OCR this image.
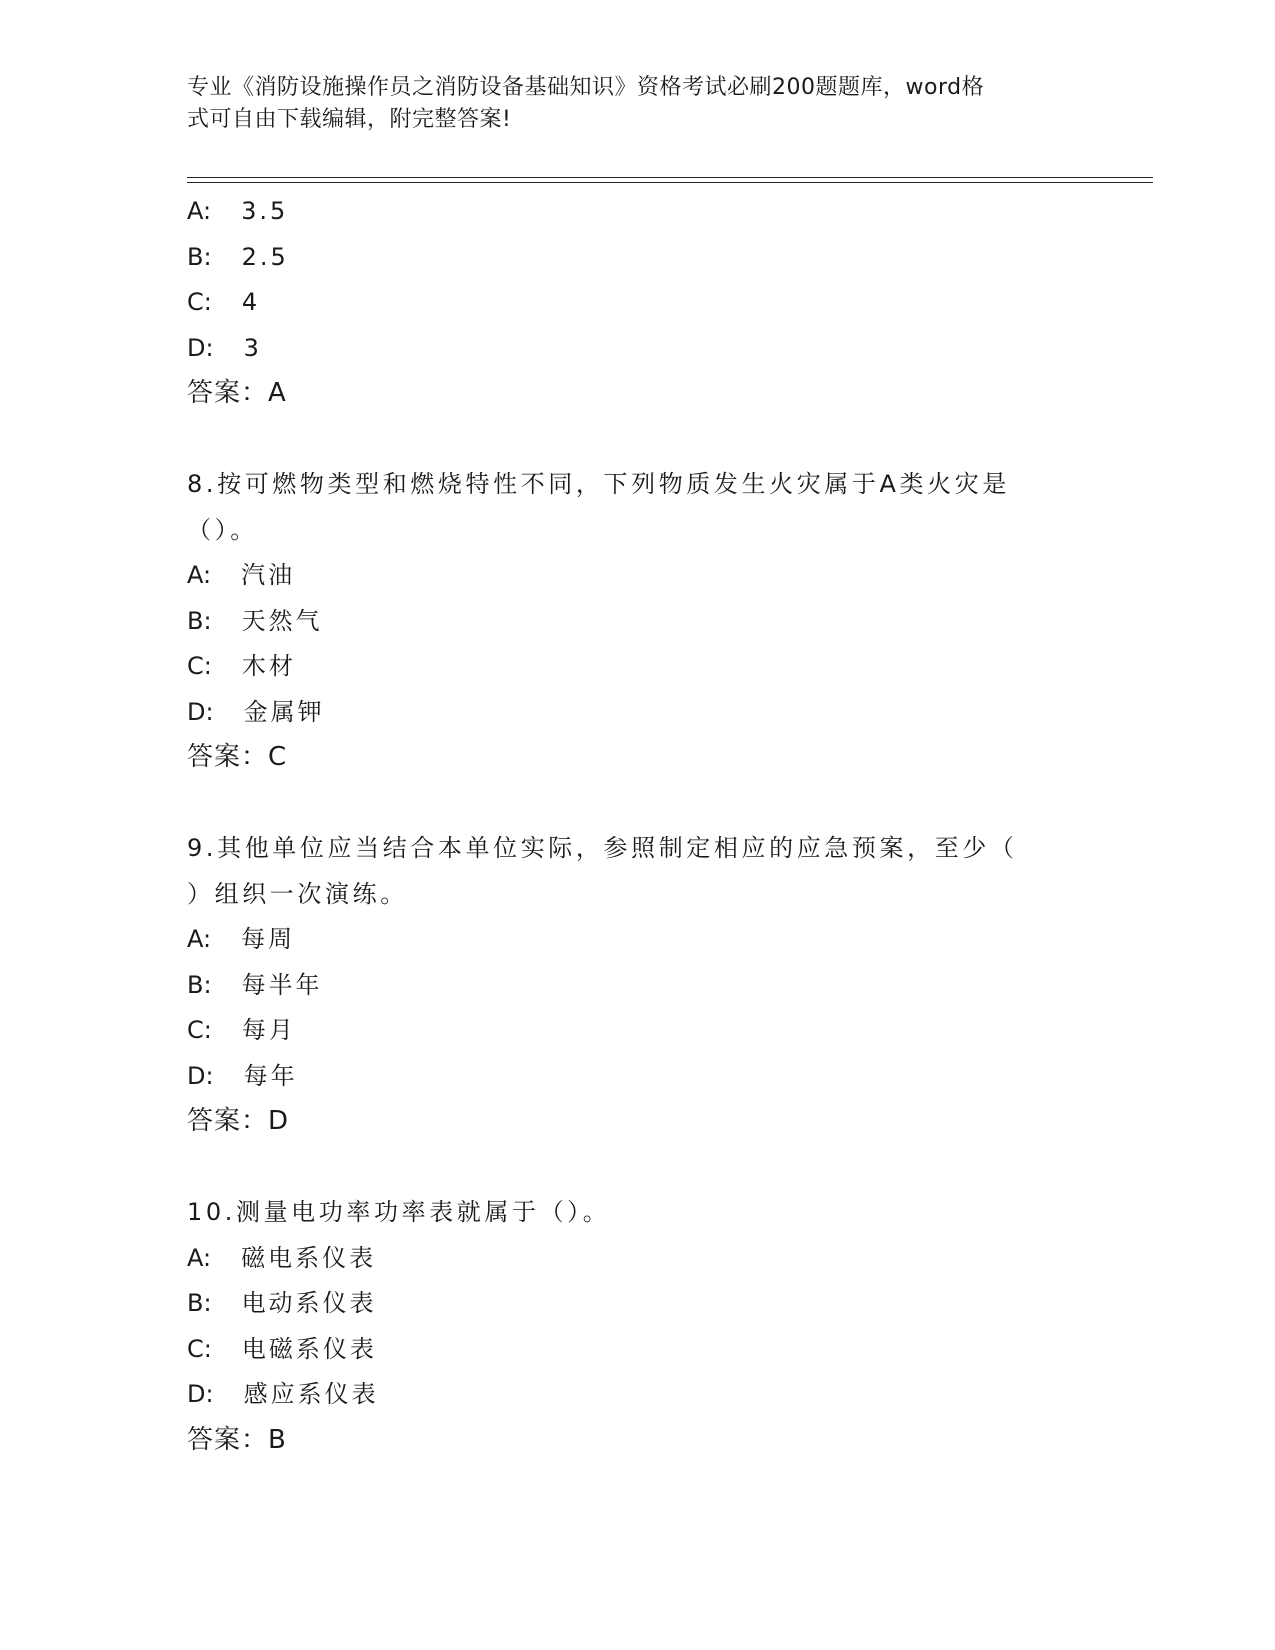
专业《消防设施操作员之消防设备基础知识》资格考试必刷200题题库，word格
式可自由下载编辑，附完整答案!
A: 3.5
B: 2.5
C: 4
D: 3
答案：A
8.按可燃物类型和燃烧特性不同，下列物质发生火灾属于A类火灾是
（）。
A: 汽油
B: 天然气
C: 木材
D: 金属钾
答案：C
9.其他单位应当结合本单位实际，参照制定相应的应急预案，至少（
）组织一次演练。
A: 每周
B: 每半年
C: 每月
D: 每年
答案：D
10.测量电功率功率表就属于（）。
A: 磁电系仪表
B: 电动系仪表
C: 电磁系仪表
D: 感应系仪表
答案：B
